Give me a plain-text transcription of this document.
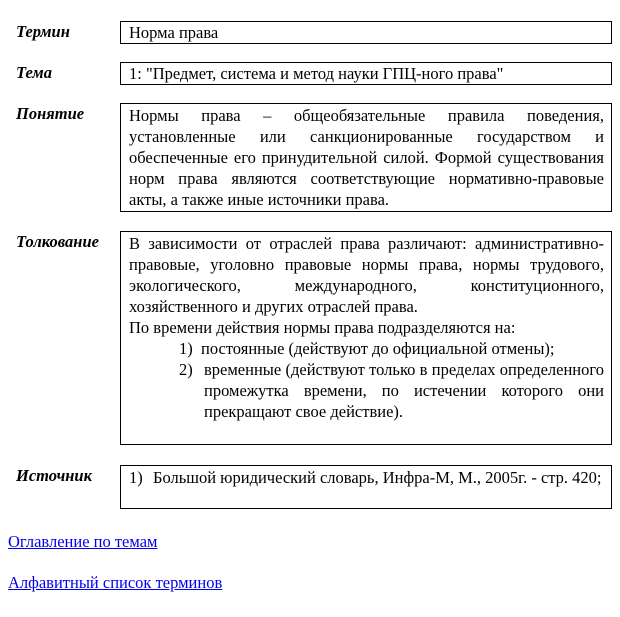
Термин	Норма права
Тема	1: "Предмет, система и метод науки ГПЦ-ного права"
Понятие	Нормы права – общеобязательные правила поведения, установленные или санкционированные государством и обеспеченные его принудительной силой. Формой существования норм права являются соответствующие нормативно-правовые акты, а также иные источники права.

Толкование В зависимости от отраслей права различают: административно-правовые, уголовно правовые нормы права, нормы трудового, экологического, международного, конституционного, хозяйственного и других отраслей права.

По времени действия нормы права подразделяются на:

1) постоянные (действуют до официальной отмены);
2) временные (действуют только в пределах определенного промежутка времени, по истечении которого они прекращают свое действие).
Источник 1) Большой юридический словарь, Инфра-М, М., 2005г. - стр. 420;
Оглавление по темам
Алфавитный список терминов
